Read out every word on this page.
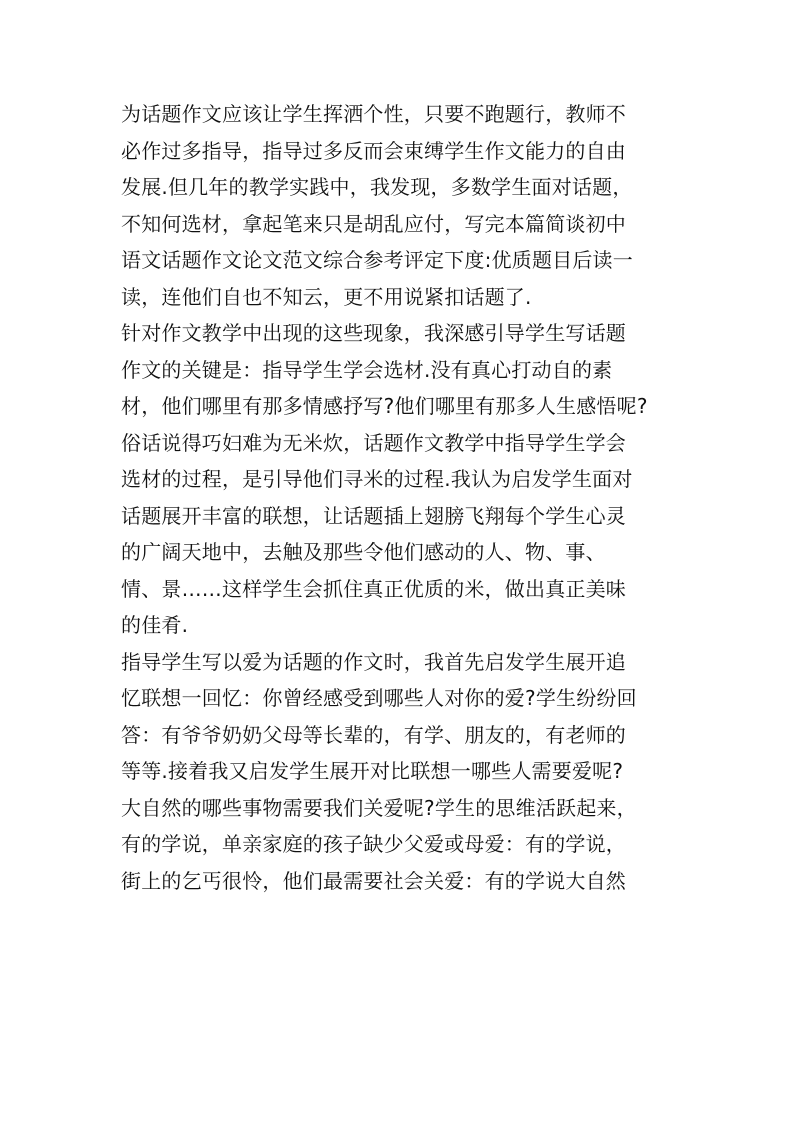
为话题作文应该让学生挥洒个性，只要不跑题行，教师不
必作过多指导，指导过多反而会束缚学生作文能力的自由
发展.但几年的教学实践中，我发现，多数学生面对话题，
不知何选材，拿起笔来只是胡乱应付，写完本篇简谈初中
语文话题作文论文范文综合参考评定下度:优质题目后读一
读，连他们自也不知云，更不用说紧扣话题了.
针对作文教学中出现的这些现象，我深感引导学生写话题
作文的关键是：指导学生学会选材.没有真心打动自的素
材，他们哪里有那多情感抒写?他们哪里有那多人生感悟呢?
俗话说得巧妇难为无米炊，话题作文教学中指导学生学会
选材的过程，是引导他们寻米的过程.我认为启发学生面对
话题展开丰富的联想，让话题插上翅膀飞翔每个学生心灵
的广阔天地中，去触及那些令他们感动的人、物、事、
情、景……这样学生会抓住真正优质的米，做出真正美味
的佳肴.
指导学生写以爱为话题的作文时，我首先启发学生展开追
忆联想一回忆：你曾经感受到哪些人对你的爱?学生纷纷回
答：有爷爷奶奶父母等长辈的，有学、朋友的，有老师的
等等.接着我又启发学生展开对比联想一哪些人需要爱呢?
大自然的哪些事物需要我们关爱呢?学生的思维活跃起来，
有的学说，单亲家庭的孩子缺少父爱或母爱：有的学说，
街上的乞丐很怜，他们最需要社会关爱：有的学说大自然
